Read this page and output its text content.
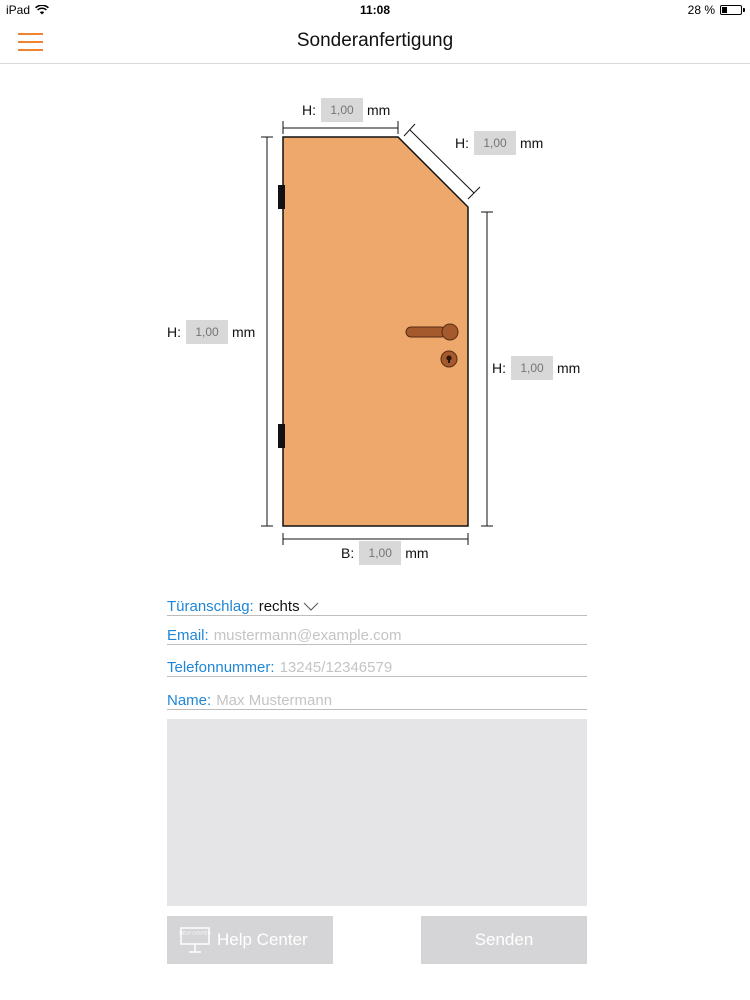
iPad	11:08	28 %
Sonderanfertigung
H:
1,00	mm
H:
1,00	mm
H:
1,00	mm
H:
1,00	mm
B:
1,00	mm
Türanschlag: rechts
Email:
mustermann@example.com
Telefonnummer:
13245/12346579
Name:
Max Mustermann
HELP CENTER Help Center	Senden
